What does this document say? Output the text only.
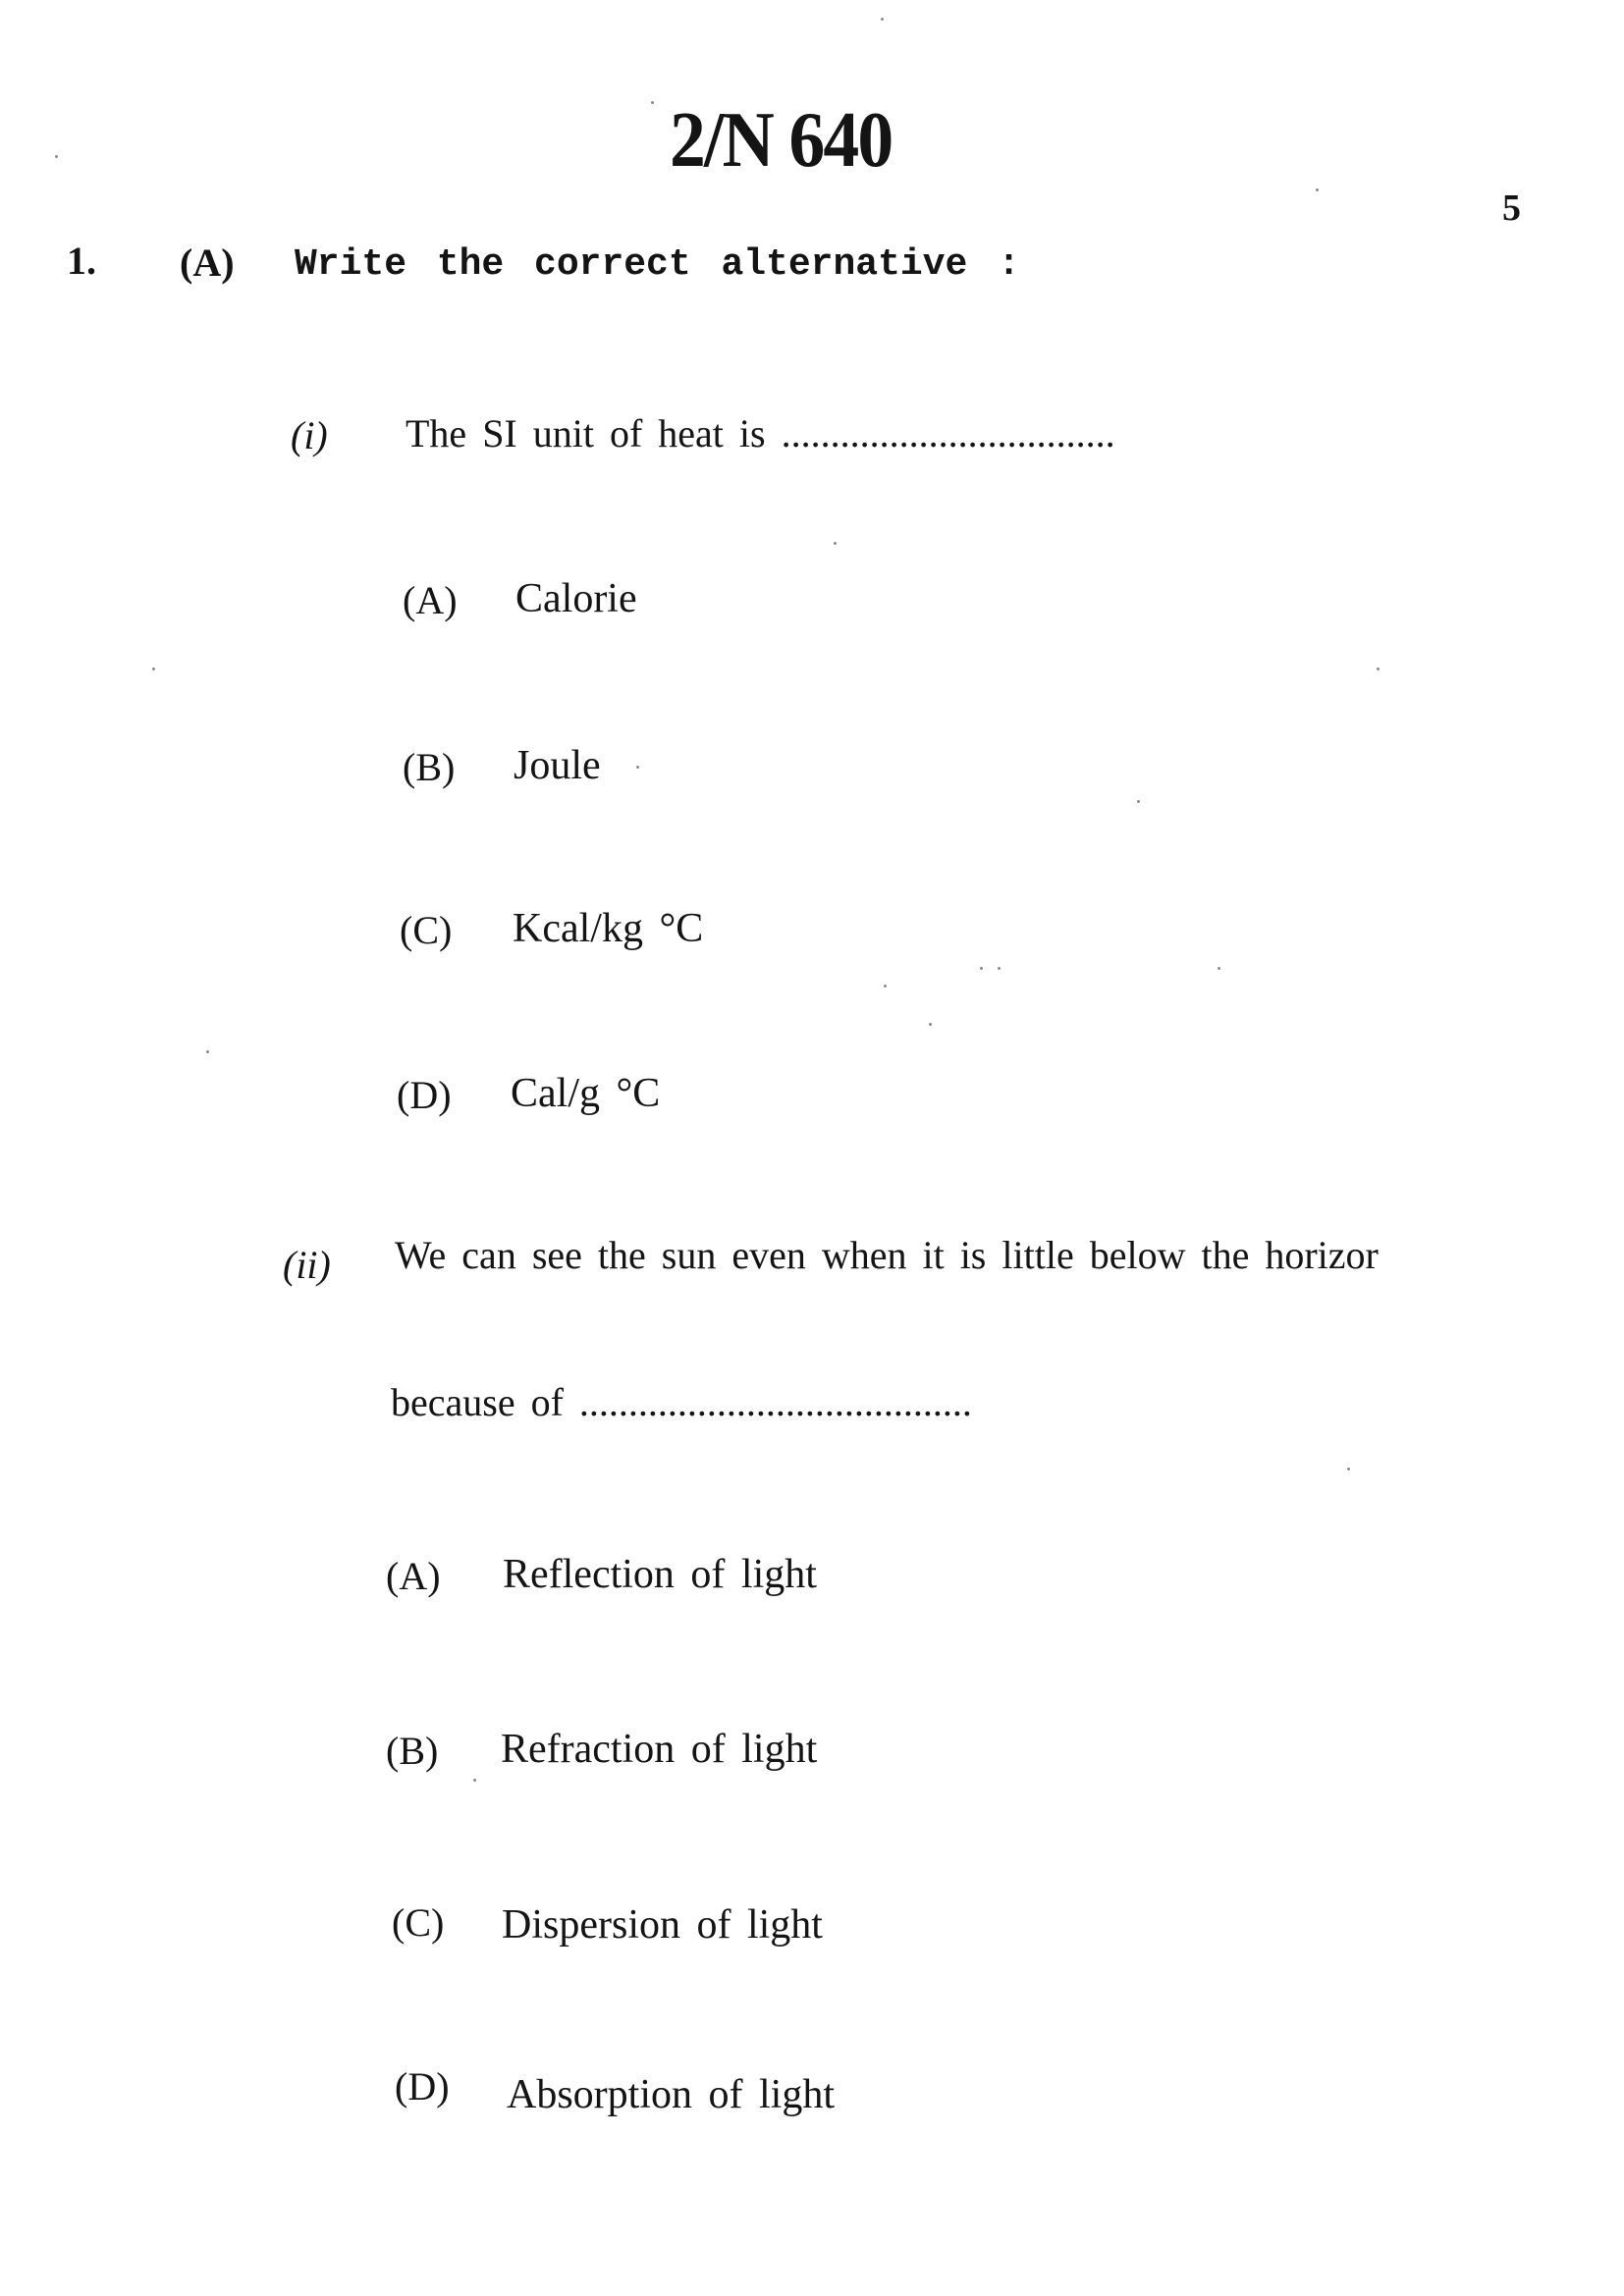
2/N 640
5
1. (A) Write the correct alternative :
(i) The SI unit of heat is ..................................
(A) Calorie
(B) Joule
(C) Kcal/kg °C
(D) Cal/g °C
(ii) We can see the sun even when it is little below the horizor
because of ........................................
(A) Reflection of light
(B) Refraction of light
(C) Dispersion of light
(D) Absorption of light
